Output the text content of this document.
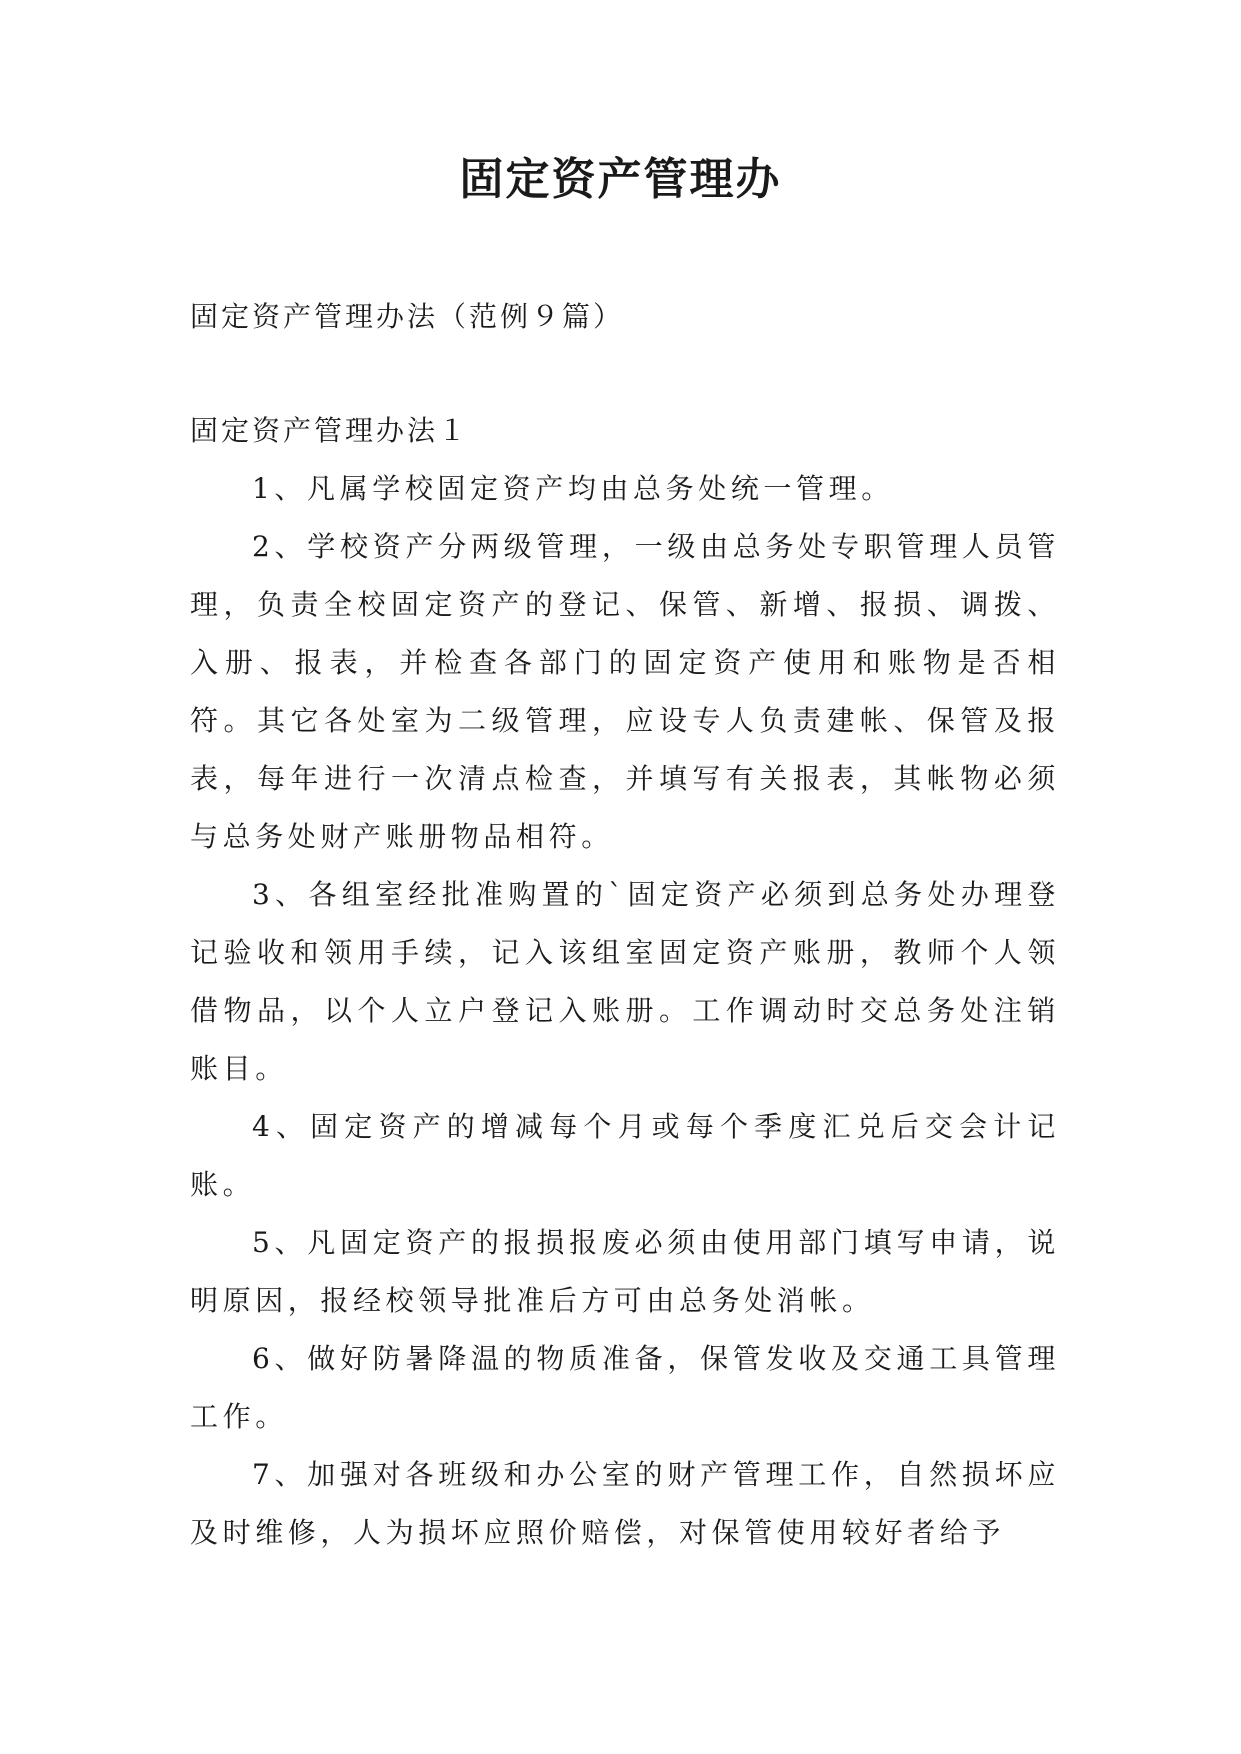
固定资产管理办

固定资产管理办法（范例９篇）

固定资产管理办法１

1、凡属学校固定资产均由总务处统一管理。

2、学校资产分两级管理，一级由总务处专职管理人员管理，负责全校固定资产的登记、保管、新增、报损、调拨、入册、报表，并检查各部门的固定资产使用和账物是否相符。其它各处室为二级管理，应设专人负责建帐、保管及报表，每年进行一次清点检查，并填写有关报表，其帐物必须与总务处财产账册物品相符。

3、各组室经批准购置的`固定资产必须到总务处办理登记验收和领用手续，记入该组室固定资产账册，教师个人领借物品，以个人立户登记入账册。工作调动时交总务处注销账目。

4、固定资产的增减每个月或每个季度汇兑后交会计记账。

5、凡固定资产的报损报废必须由使用部门填写申请，说明原因，报经校领导批准后方可由总务处消帐。

6、做好防暑降温的物质准备，保管发收及交通工具管理工作。

7、加强对各班级和办公室的财产管理工作，自然损坏应及时维修，人为损坏应照价赔偿，对保管使用较好者给予
